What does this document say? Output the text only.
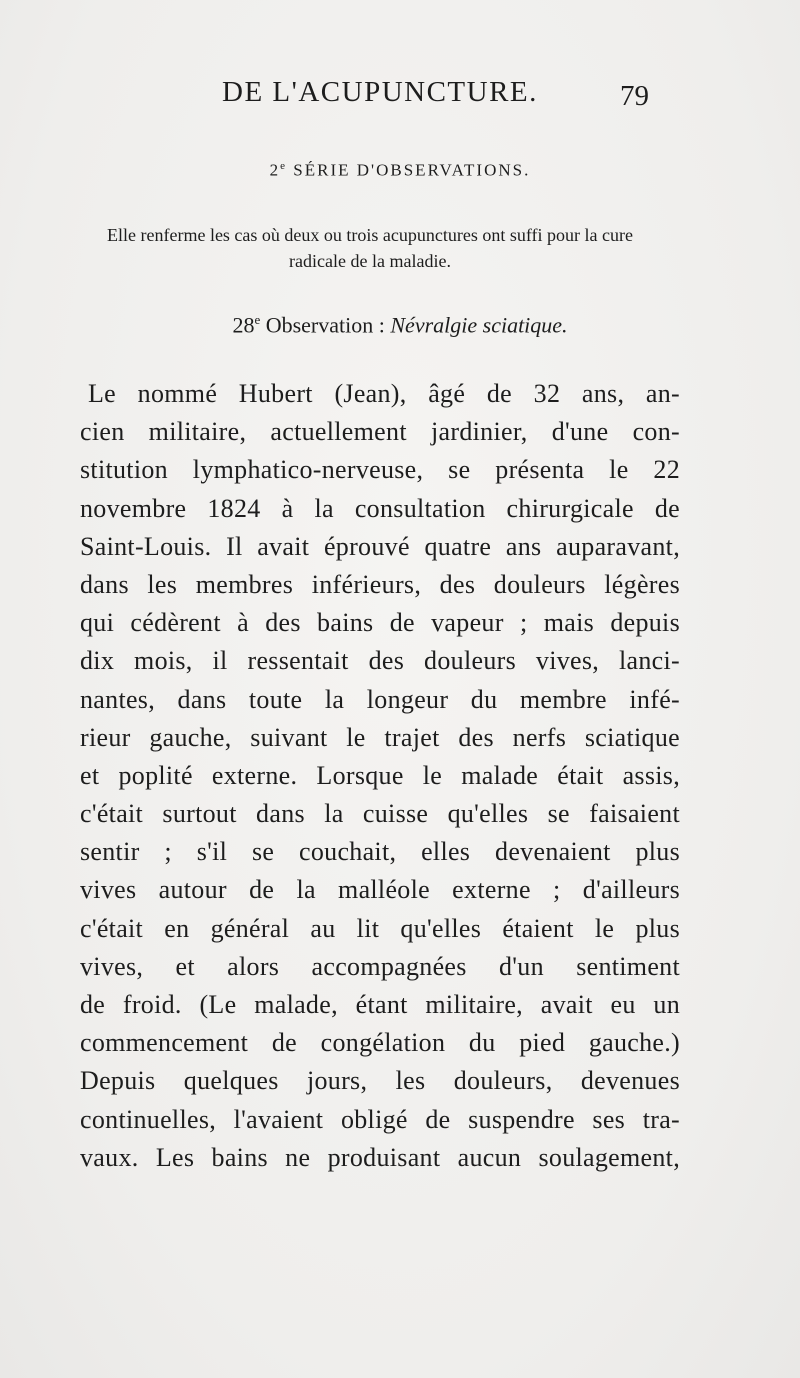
DE L'ACUPUNCTURE.	79
2e SÉRIE D'OBSERVATIONS.
Elle renferme les cas où deux ou trois acupunctures ont suffi pour la cure radicale de la maladie.
28e Observation : Névralgie sciatique.
Le nommé Hubert (Jean), âgé de 32 ans, an-
cien militaire, actuellement jardinier, d'une con-
stitution lymphatico-nerveuse, se présenta le 22
novembre 1824 à la consultation chirurgicale de
Saint-Louis. Il avait éprouvé quatre ans auparavant,
dans les membres inférieurs, des douleurs légères
qui cédèrent à des bains de vapeur ; mais depuis
dix mois, il ressentait des douleurs vives, lanci-
nantes, dans toute la longeur du membre infé-
rieur gauche, suivant le trajet des nerfs sciatique
et poplité externe. Lorsque le malade était assis,
c'était surtout dans la cuisse qu'elles se faisaient
sentir ; s'il se couchait, elles devenaient plus
vives autour de la malléole externe ; d'ailleurs
c'était en général au lit qu'elles étaient le plus
vives, et alors accompagnées d'un sentiment
de froid. (Le malade, étant militaire, avait eu un
commencement de congélation du pied gauche.)
Depuis quelques jours, les douleurs, devenues
continuelles, l'avaient obligé de suspendre ses tra-
vaux. Les bains ne produisant aucun soulagement,
